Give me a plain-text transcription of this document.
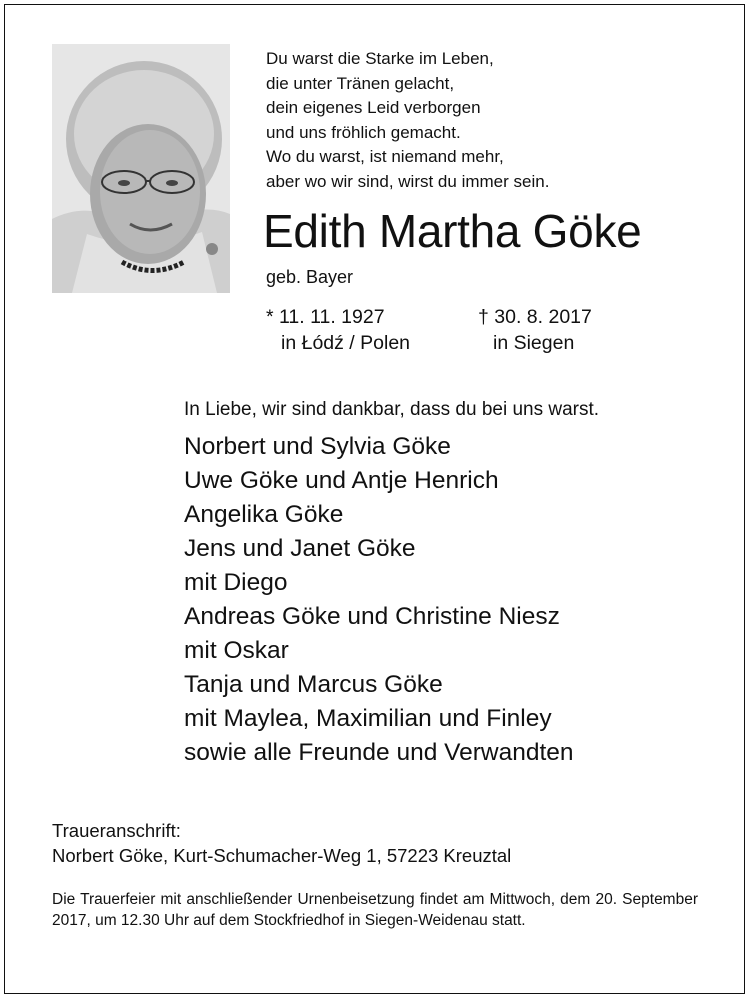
Du warst die Starke im Leben,
die unter Tränen gelacht,
dein eigenes Leid verborgen
und uns fröhlich gemacht.
Wo du warst, ist niemand mehr,
aber wo wir sind, wirst du immer sein.
Edith Martha Göke
geb. Bayer
* 11. 11. 1927
in Łódź / Polen
† 30. 8. 2017
in Siegen
In Liebe, wir sind dankbar, dass du bei uns warst.
Norbert und Sylvia Göke
Uwe Göke und Antje Henrich
Angelika Göke
Jens und Janet Göke
mit Diego
Andreas Göke und Christine Niesz
mit Oskar
Tanja und Marcus Göke
mit Maylea, Maximilian und Finley
sowie alle Freunde und Verwandten
Traueranschrift:
Norbert Göke, Kurt-Schumacher-Weg 1, 57223 Kreuztal
Die Trauerfeier mit anschließender Urnenbeisetzung findet am Mittwoch, dem 20. September 2017, um 12.30 Uhr auf dem Stockfriedhof in Siegen-Weidenau statt.
